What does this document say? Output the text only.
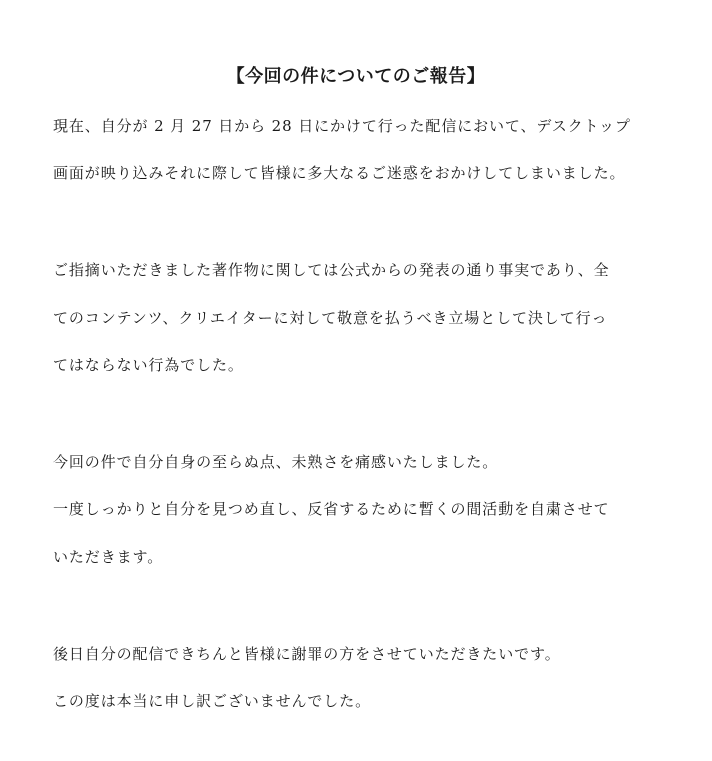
【今回の件についてのご報告】
現在、自分が 2 月 27 日から 28 日にかけて行った配信において、デスクトップ
画面が映り込みそれに際して皆様に多大なるご迷惑をおかけしてしまいました。
ご指摘いただきました著作物に関しては公式からの発表の通り事実であり、全
てのコンテンツ、クリエイターに対して敬意を払うべき立場として決して行っ
てはならない行為でした。
今回の件で自分自身の至らぬ点、未熟さを痛感いたしました。
一度しっかりと自分を見つめ直し、反省するために暫くの間活動を自粛させて
いただきます。
後日自分の配信できちんと皆様に謝罪の方をさせていただきたいです。
この度は本当に申し訳ございませんでした。
